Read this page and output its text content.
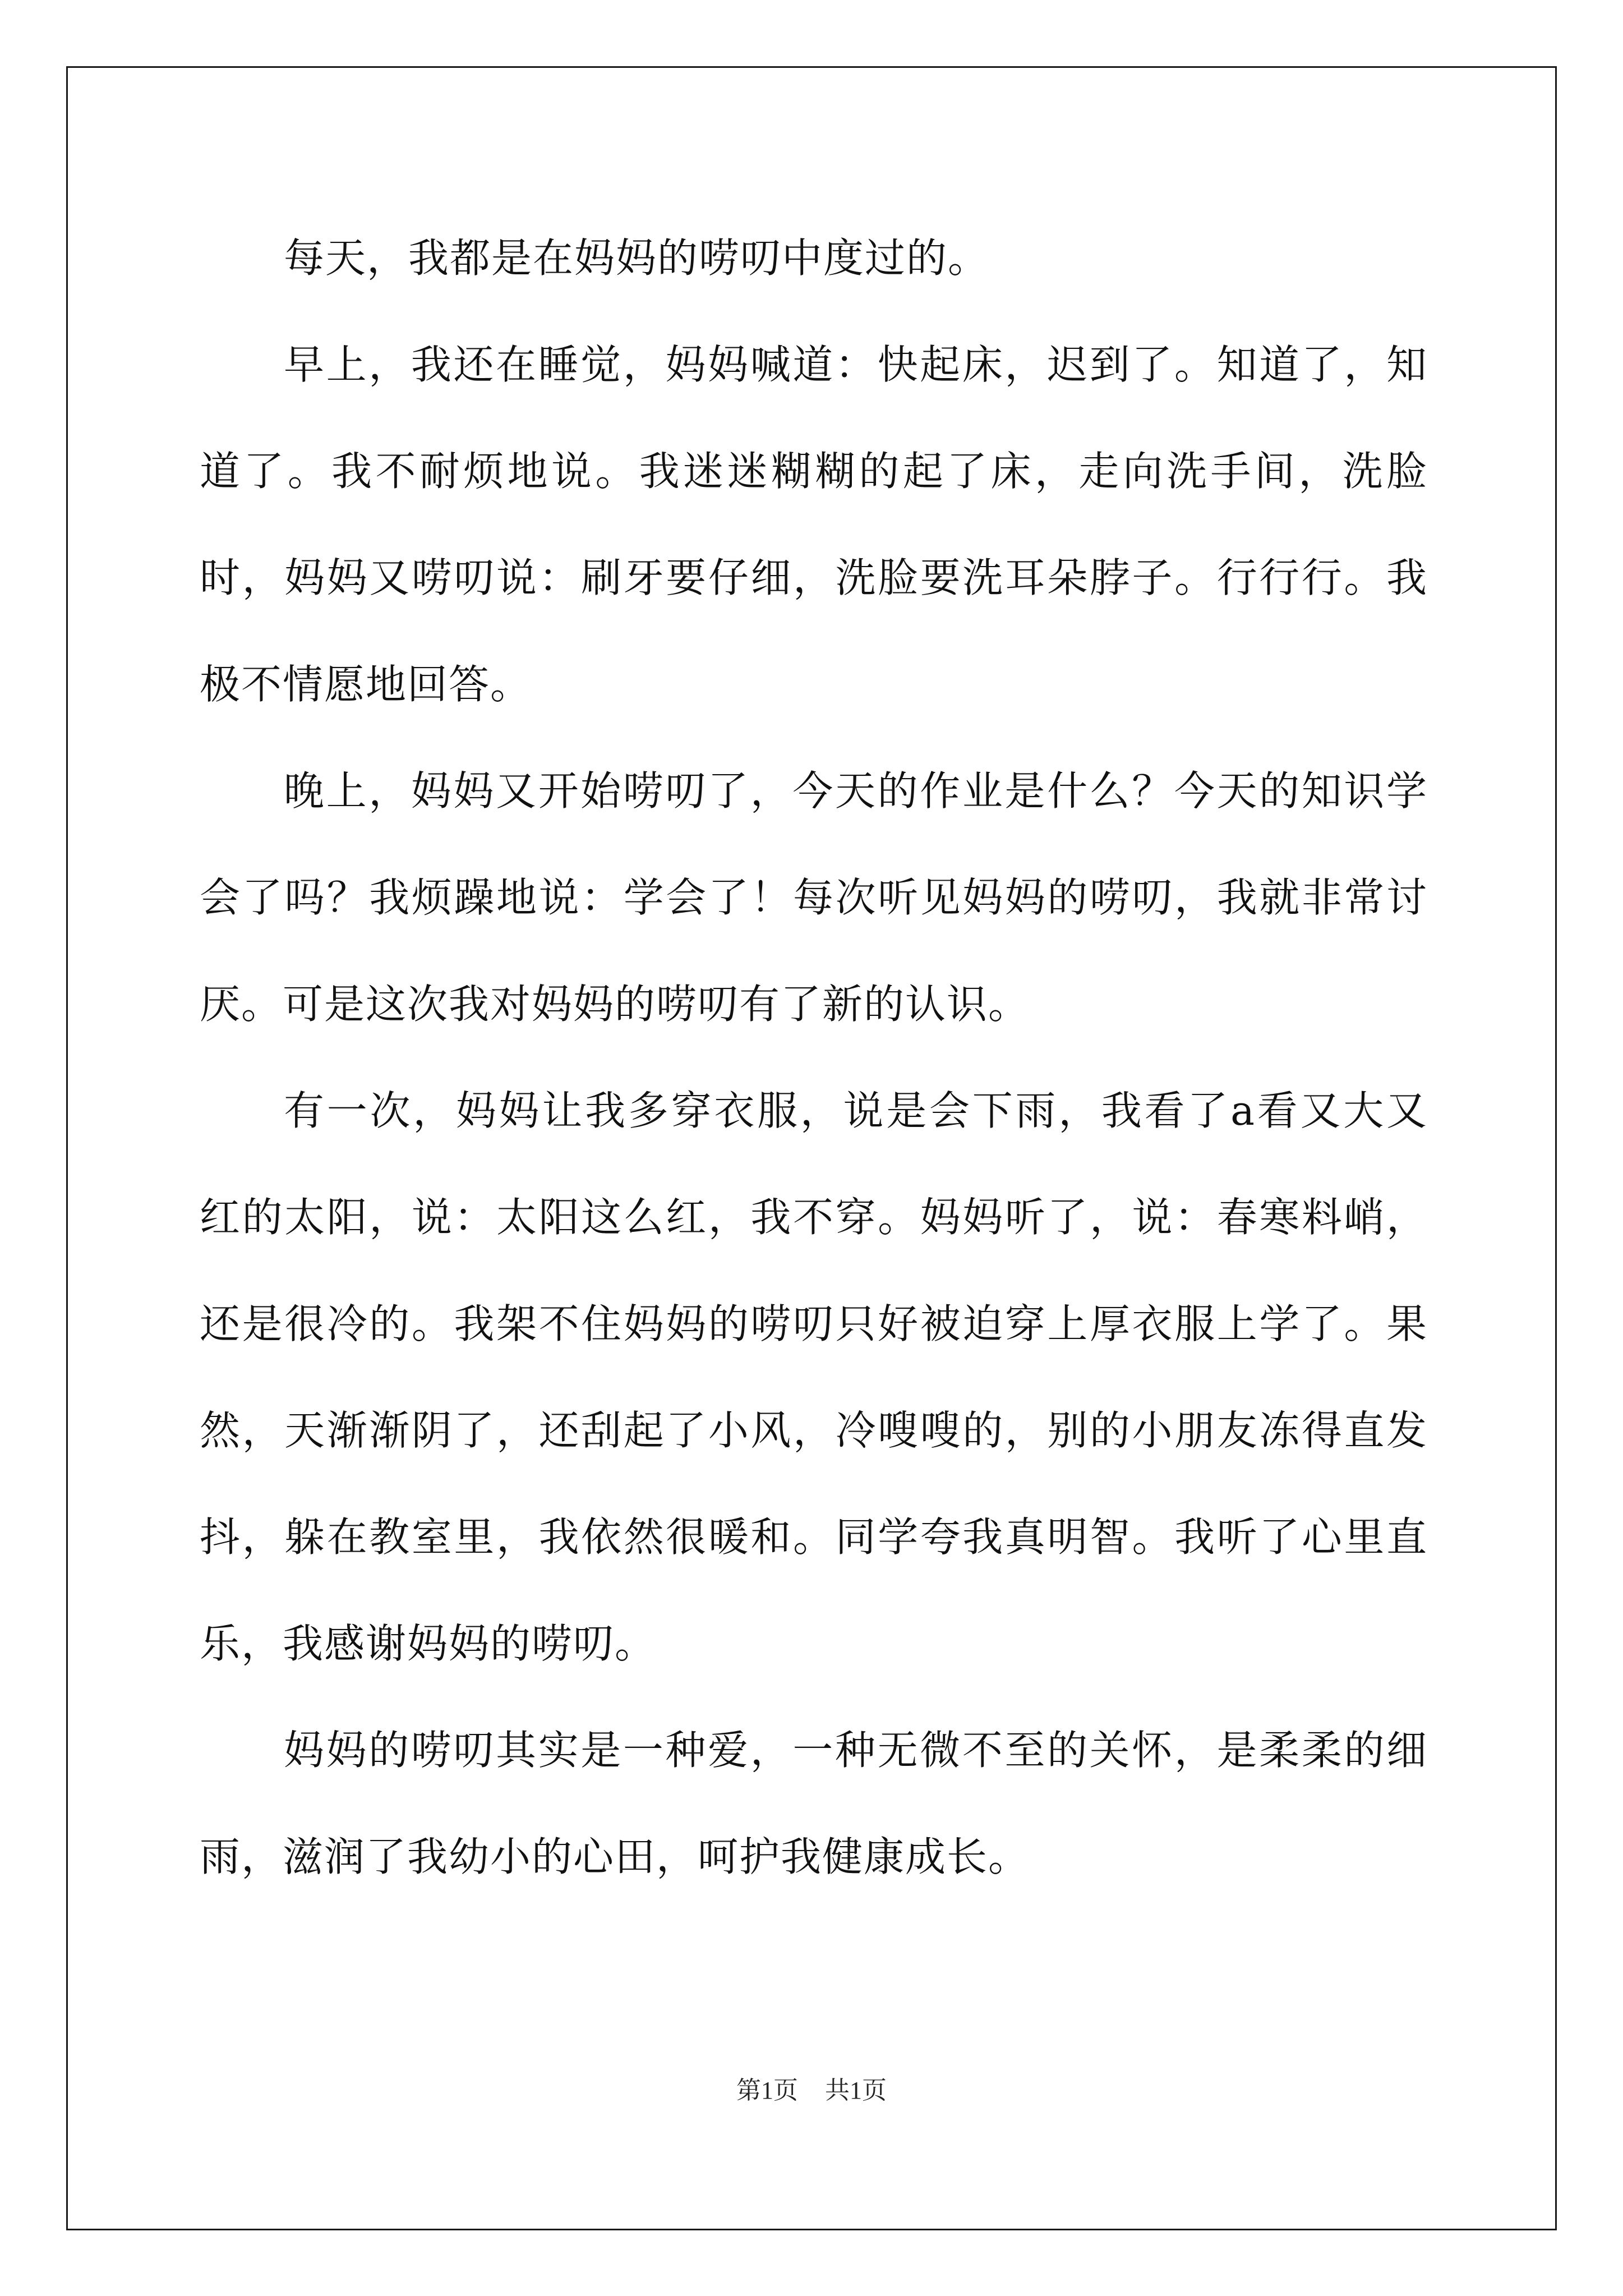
每天，我都是在妈妈的唠叨中度过的。

早上，我还在睡觉，妈妈喊道：快起床，迟到了。知道了，知道了。我不耐烦地说。我迷迷糊糊的起了床，走向洗手间，洗脸时，妈妈又唠叨说：刷牙要仔细，洗脸要洗耳朵脖子。行行行。我极不情愿地回答。

晚上，妈妈又开始唠叨了，今天的作业是什么？今天的知识学会了吗？我烦躁地说：学会了！每次听见妈妈的唠叨，我就非常讨厌。可是这次我对妈妈的唠叨有了新的认识。

有一次，妈妈让我多穿衣服，说是会下雨，我看了a看又大又红的太阳，说：太阳这么红，我不穿。妈妈听了，说：春寒料峭，还是很冷的。我架不住妈妈的唠叨只好被迫穿上厚衣服上学了。果然，天渐渐阴了，还刮起了小风，冷嗖嗖的，别的小朋友冻得直发抖，躲在教室里，我依然很暖和。同学夸我真明智。我听了心里直乐，我感谢妈妈的唠叨。

妈妈的唠叨其实是一种爱，一种无微不至的关怀，是柔柔的细雨，滋润了我幼小的心田，呵护我健康成长。

第1页 共1页
